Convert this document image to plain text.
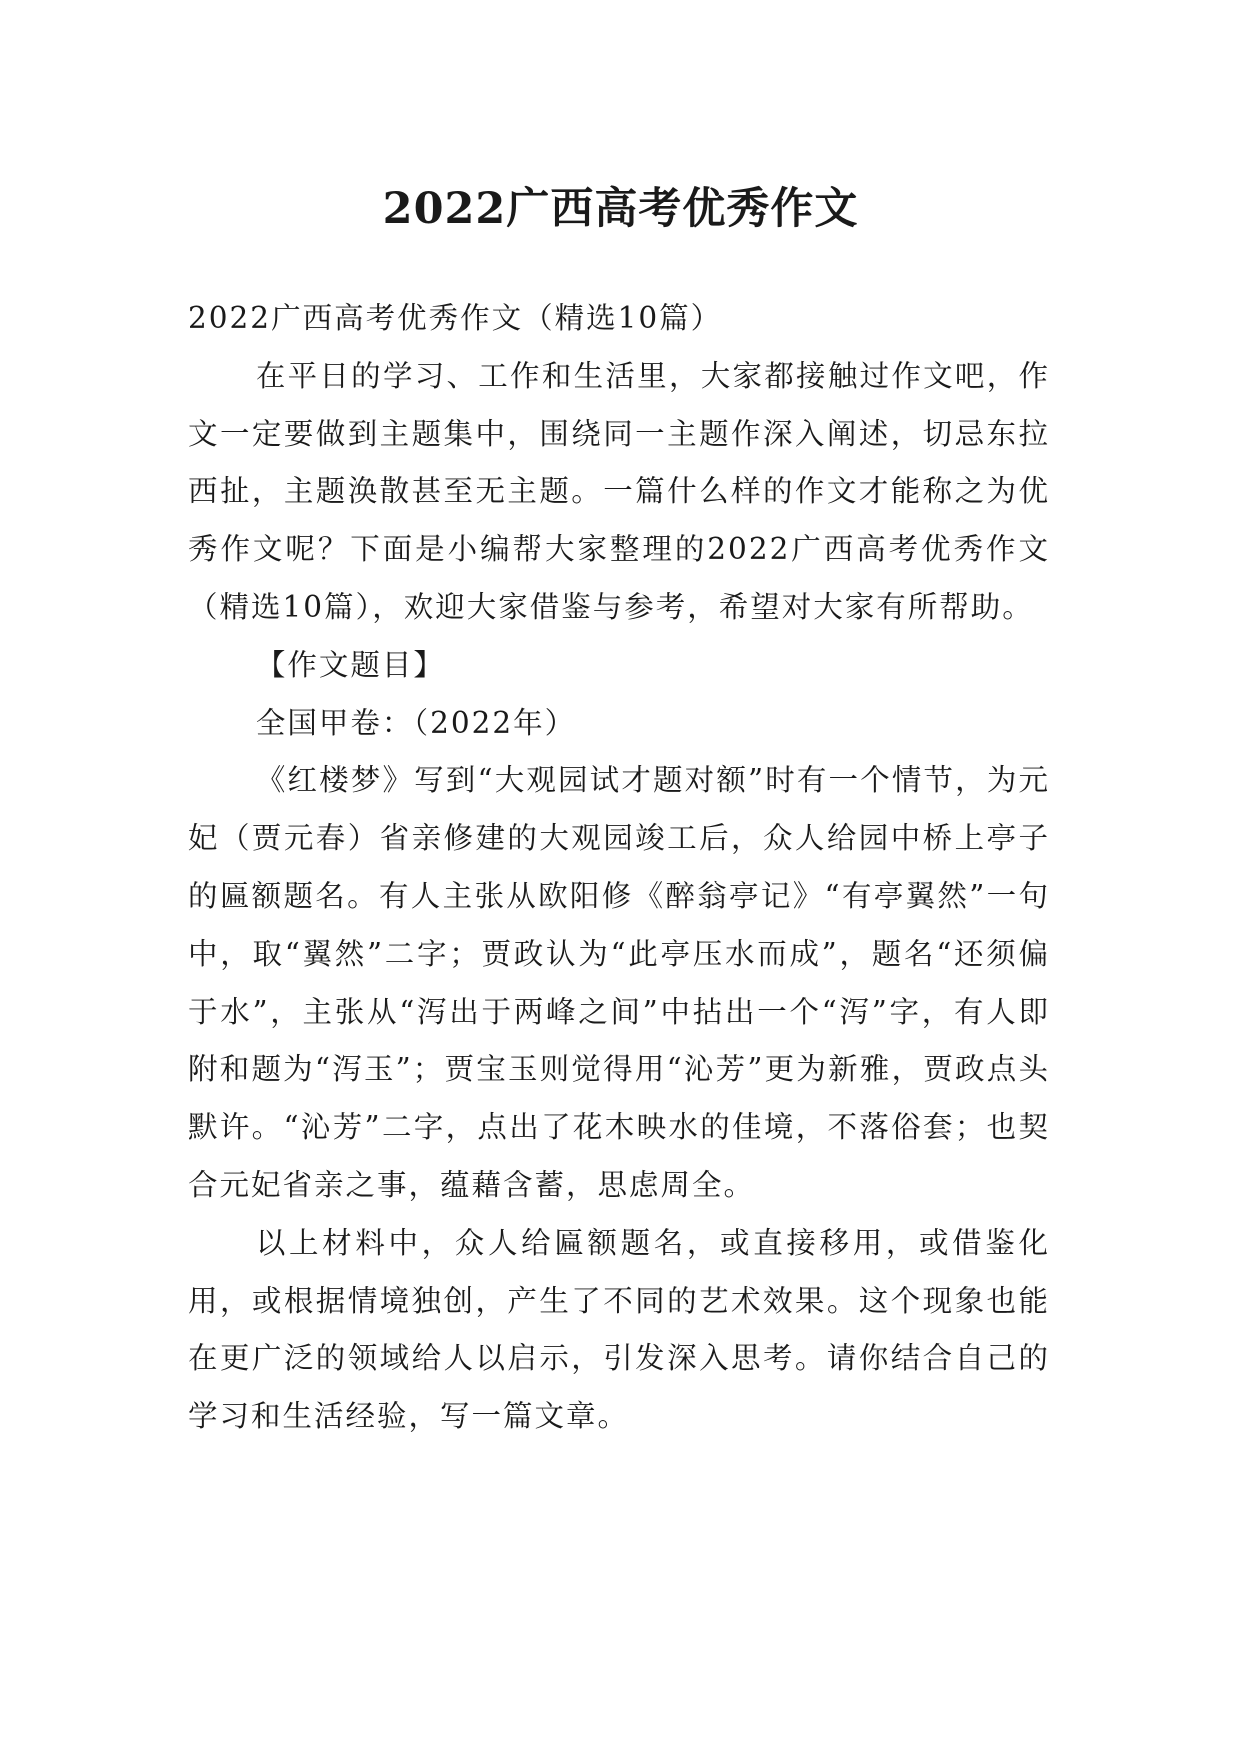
2022广西高考优秀作文

2022广西高考优秀作文（精选10篇）

在平日的学习、工作和生活里，大家都接触过作文吧，作文一定要做到主题集中，围绕同一主题作深入阐述，切忌东拉西扯，主题涣散甚至无主题。一篇什么样的作文才能称之为优秀作文呢？下面是小编帮大家整理的2022广西高考优秀作文（精选10篇），欢迎大家借鉴与参考，希望对大家有所帮助。

【作文题目】

全国甲卷：（2022年）

《红楼梦》写到“大观园试才题对额”时有一个情节，为元妃（贾元春）省亲修建的大观园竣工后，众人给园中桥上亭子的匾额题名。有人主张从欧阳修《醉翁亭记》“有亭翼然”一句中，取“翼然”二字；贾政认为“此亭压水而成”，题名“还须偏于水”，主张从“泻出于两峰之间”中拈出一个“泻”字，有人即附和题为“泻玉”；贾宝玉则觉得用“沁芳”更为新雅，贾政点头默许。“沁芳”二字，点出了花木映水的佳境，不落俗套；也契合元妃省亲之事，蕴藉含蓄，思虑周全。

以上材料中，众人给匾额题名，或直接移用，或借鉴化用，或根据情境独创，产生了不同的艺术效果。这个现象也能在更广泛的领域给人以启示，引发深入思考。请你结合自己的学习和生活经验，写一篇文章。
